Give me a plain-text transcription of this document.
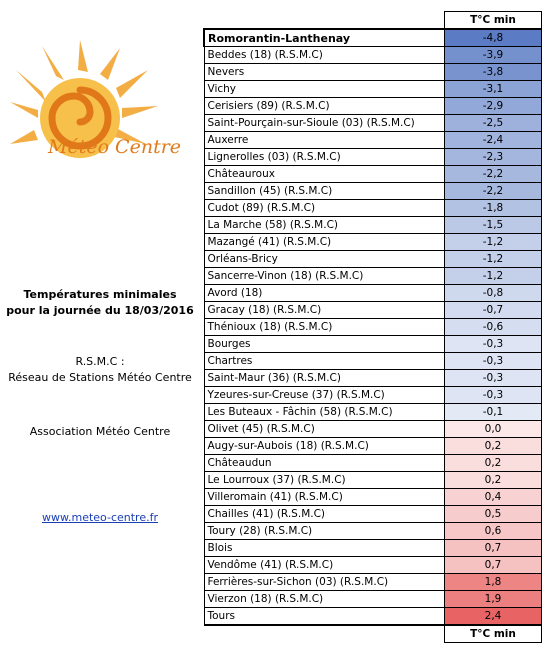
Météo Centre
Températures minimales
pour la journée du 18/03/2016
R.S.M.C :
Réseau de Stations Météo Centre
Association Météo Centre
www.meteo-centre.fr
	T°C min
Romorantin-Lanthenay	-4,8
Beddes (18) (R.S.M.C)	-3,9
Nevers	-3,8
Vichy	-3,1
Cerisiers (89) (R.S.M.C)	-2,9
Saint-Pourçain-sur-Sioule (03) (R.S.M.C)	-2,5
Auxerre	-2,4
Lignerolles (03) (R.S.M.C)	-2,3
Châteauroux	-2,2
Sandillon (45) (R.S.M.C)	-2,2
Cudot (89) (R.S.M.C)	-1,8
La Marche (58) (R.S.M.C)	-1,5
Mazangé (41) (R.S.M.C)	-1,2
Orléans-Bricy	-1,2
Sancerre-Vinon (18) (R.S.M.C)	-1,2
Avord (18)	-0,8
Gracay (18) (R.S.M.C)	-0,7
Thénioux (18) (R.S.M.C)	-0,6
Bourges	-0,3
Chartres	-0,3
Saint-Maur (36) (R.S.M.C)	-0,3
Yzeures-sur-Creuse (37) (R.S.M.C)	-0,3
Les Buteaux - Fâchin (58) (R.S.M.C)	-0,1
Olivet (45) (R.S.M.C)	0,0
Augy-sur-Aubois (18) (R.S.M.C)	0,2
Châteaudun	0,2
Le Lourroux (37) (R.S.M.C)	0,2
Villeromain (41) (R.S.M.C)	0,4
Chailles (41) (R.S.M.C)	0,5
Toury (28) (R.S.M.C)	0,6
Blois	0,7
Vendôme (41) (R.S.M.C)	0,7
Ferrières-sur-Sichon (03) (R.S.M.C)	1,8
Vierzon (18) (R.S.M.C)	1,9
Tours	2,4
	T°C min
